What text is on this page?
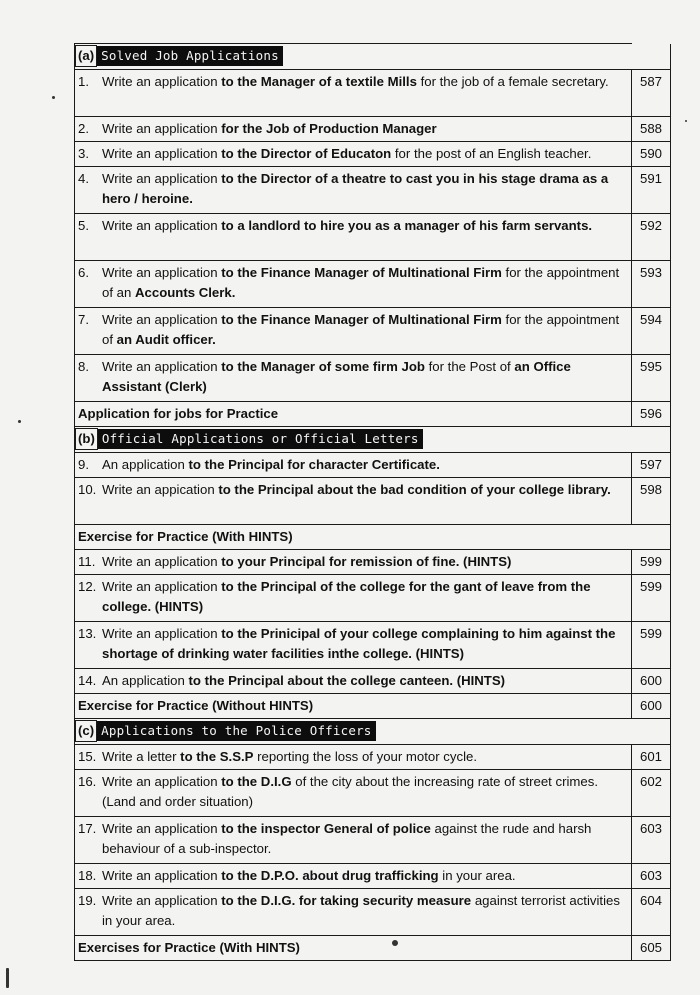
(a) Solved Job Applications	

1. Write an application to the Manager of a textile Mills for the job of a female secretary.	587

2. Write an application for the Job of Production Manager	588

3. Write an application to the Director of Educaton for the post of an English teacher.	590

4. Write an application to the Director of a theatre to cast you in his stage drama as a hero / heroine.	591

5. Write an application to a landlord to hire you as a manager of his farm servants.	592

6. Write an application to the Finance Manager of Multinational Firm for the appointment of an Accounts Clerk.	593

7. Write an application to the Finance Manager of Multinational Firm for the appointment of an Audit officer.	594

8. Write an application to the Manager of some firm Job for the Post of an Office Assistant (Clerk)	595
Application for jobs for Practice	596
(b) Official Applications or Official Letters	

9. An application to the Principal for character Certificate.	597

10. Write an appication to the Principal about the bad condition of your college library.	598
Exercise for Practice (With HINTS)	

11. Write an application to your Principal for remission of fine. (HINTS)	599

12. Write an application to the Principal of the college for the gant of leave from the college. (HINTS)	599

13. Write an application to the Prinicipal of your college complaining to him against the shortage of drinking water facilities inthe college. (HINTS)	599

14. An application to the Principal about the college canteen. (HINTS)	600
Exercise for Practice (Without HINTS)	600
(c) Applications to the Police Officers	

15. Write a letter to the S.S.P reporting the loss of your motor cycle.	601

16. Write an application to the D.I.G of the city about the increasing rate of street crimes. (Land and order situation)	602

17. Write an application to the inspector General of police against the rude and harsh behaviour of a sub-inspector.	603

18. Write an application to the D.P.O. about drug trafficking in your area.	603

19. Write an application to the D.I.G. for taking security measure against terrorist activities in your area.	604
Exercises for Practice (With HINTS)	605
